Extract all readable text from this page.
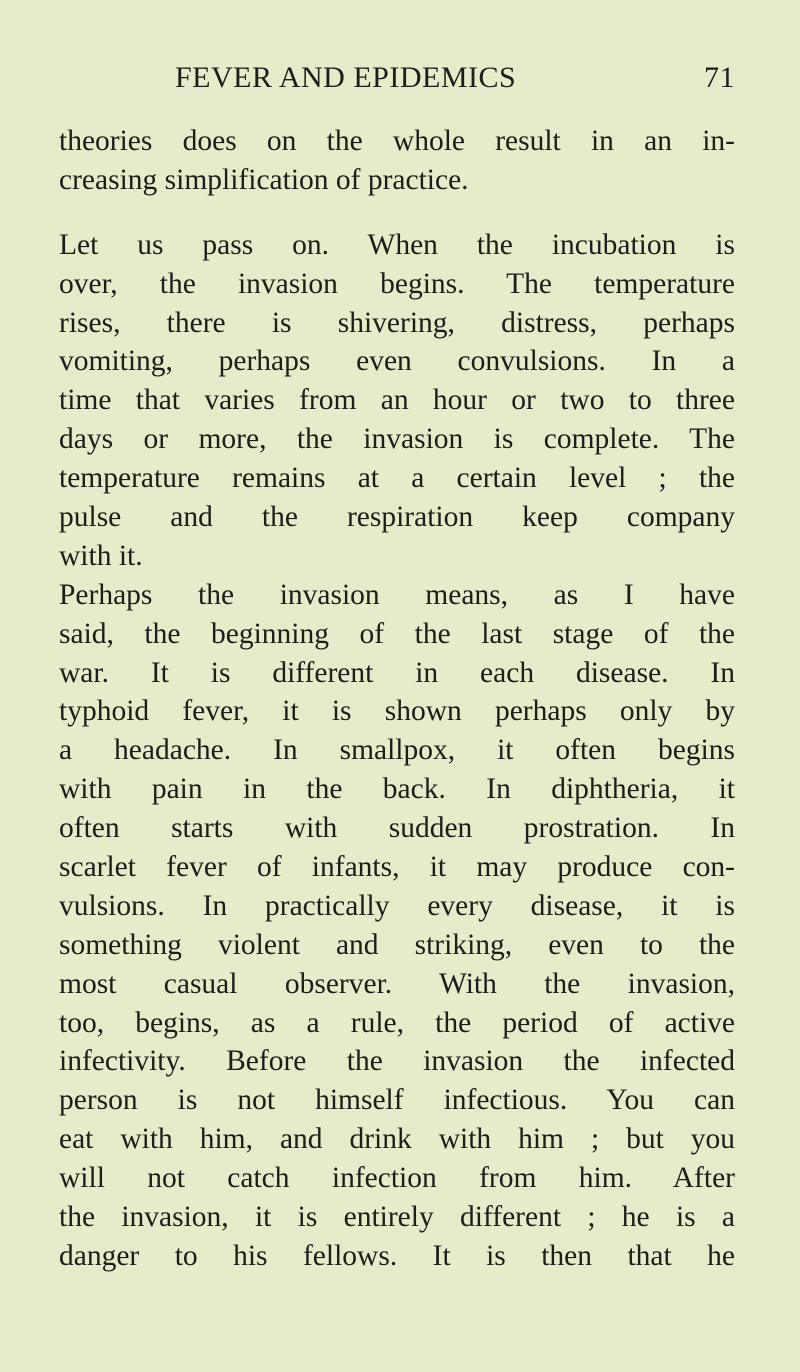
FEVER AND EPIDEMICS	71
theories does on the whole result in an in-
creasing simplification of practice.
Let us pass on. When the incubation is
over, the invasion begins. The temperature
rises, there is shivering, distress, perhaps
vomiting, perhaps even convulsions. In a
time that varies from an hour or two to three
days or more, the invasion is complete. The
temperature remains at a certain level ; the
pulse and the respiration keep company
with it.
Perhaps the invasion means, as I have
said, the beginning of the last stage of the
war. It is different in each disease. In
typhoid fever, it is shown perhaps only by
a headache. In smallpox, it often begins
with pain in the back. In diphtheria, it
often starts with sudden prostration. In
scarlet fever of infants, it may produce con-
vulsions. In practically every disease, it is
something violent and striking, even to the
most casual observer. With the invasion,
too, begins, as a rule, the period of active
infectivity. Before the invasion the infected
person is not himself infectious. You can
eat with him, and drink with him ; but you
will not catch infection from him. After
the invasion, it is entirely different ; he is a
danger to his fellows. It is then that he
